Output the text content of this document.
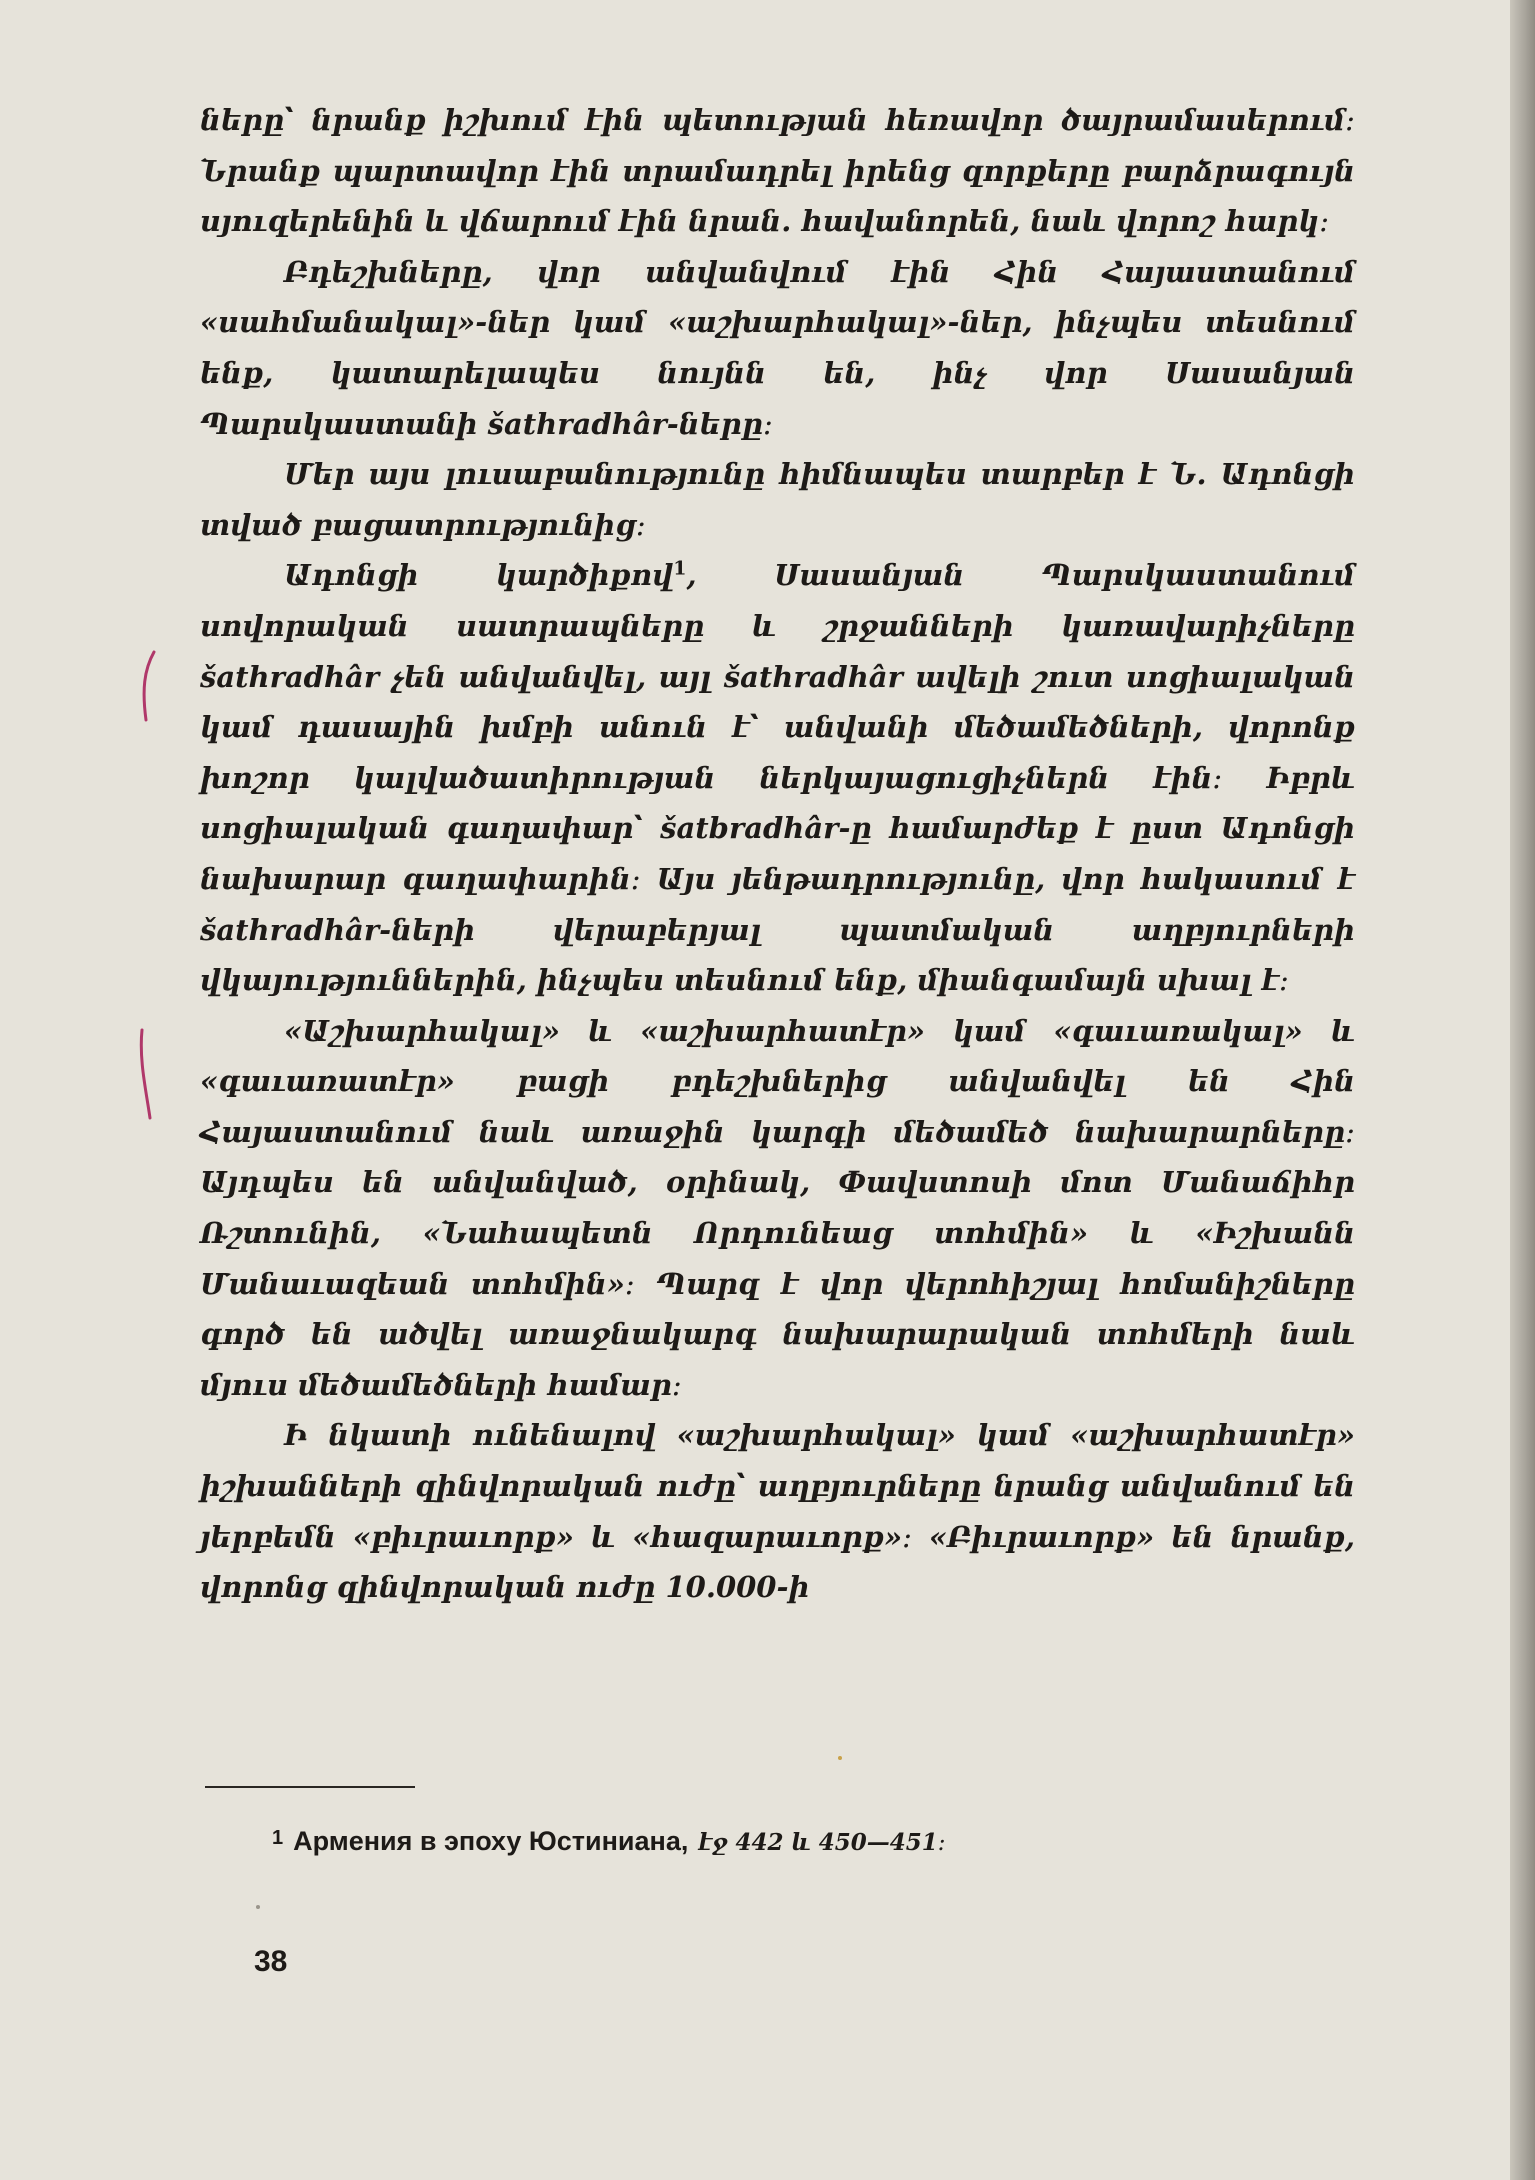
ները՝ նրանք իշխում էին պետության հեռավոր ծայրամասերում։ Նրանք պարտավոր էին տրամադրել իրենց զորքերը բարձրագույն սյուզերենին և վճարում էին նրան․ հավանորեն, նաև վորոշ հարկ։

Բդեշխները, վոր անվանվում էին Հին Հայաստանում «սահմանակալ»-ներ կամ «աշխարհակալ»-ներ, ինչպես տեսնում ենք, կատարելապես նույնն են, ինչ վոր Սասանյան Պարսկաստանի šathradhâr-ները։

Մեր այս լուսաբանությունը հիմնապես տարբեր է Ն․ Ադոնցի տված բացատրությունից։

Ադոնցի կարծիքով$^1$, Սասանյան Պարսկաստանում սովորական սատրապները և շրջանների կառավարիչները šathradhâr չեն անվանվել, այլ šathradhâr ավելի շուտ սոցիալական կամ դասային խմբի անուն է՝ անվանի մեծամեծների, վորոնք խոշոր կալվածատիրության ներկայացուցիչներն էին։ Իբրև սոցիալական գաղափար՝ šatbradhâr-ը համարժեք է ըստ Ադոնցի նախարար գաղափարին։ Այս յենթադրությունը, վոր հակասում է šathradhâr-ների վերաբերյալ պատմական աղբյուրների վկայություններին, ինչպես տեսնում ենք, միանգամայն սխալ է։

«Աշխարհակալ» և «աշխարհատէր» կամ «գաւառակալ» և «գաւառատէր» բացի բդեշխներից անվանվել են Հին Հայաստանում նաև առաջին կարգի մեծամեծ նախարարները։ Այդպես են անվանված, օրինակ, Փավստոսի մոտ Մանաճիհր Ռշտունին, «Նահապետն Որդունեաց տոհմին» և «Իշխանն Մանաւազեան տոհմին»։ Պարզ է վոր վերոհիշյալ հոմանիշները գործ են ածվել առաջնակարգ նախարարական տոհմերի նաև մյուս մեծամեծների համար։

Ի նկատի ունենալով «աշխարհակալ» կամ «աշխարհատէր» իշխանների զինվորական ուժը՝ աղբյուրները նրանց անվանում են յերբեմն «բիւրաւորք» և «հազարաւորք»։ «Բիւրաւորք» են նրանք, վորոնց զինվորական ուժը 10.000-ի

$^1$ Армения в эпоху Юстиниана, էջ 442 և 450—451։
38
